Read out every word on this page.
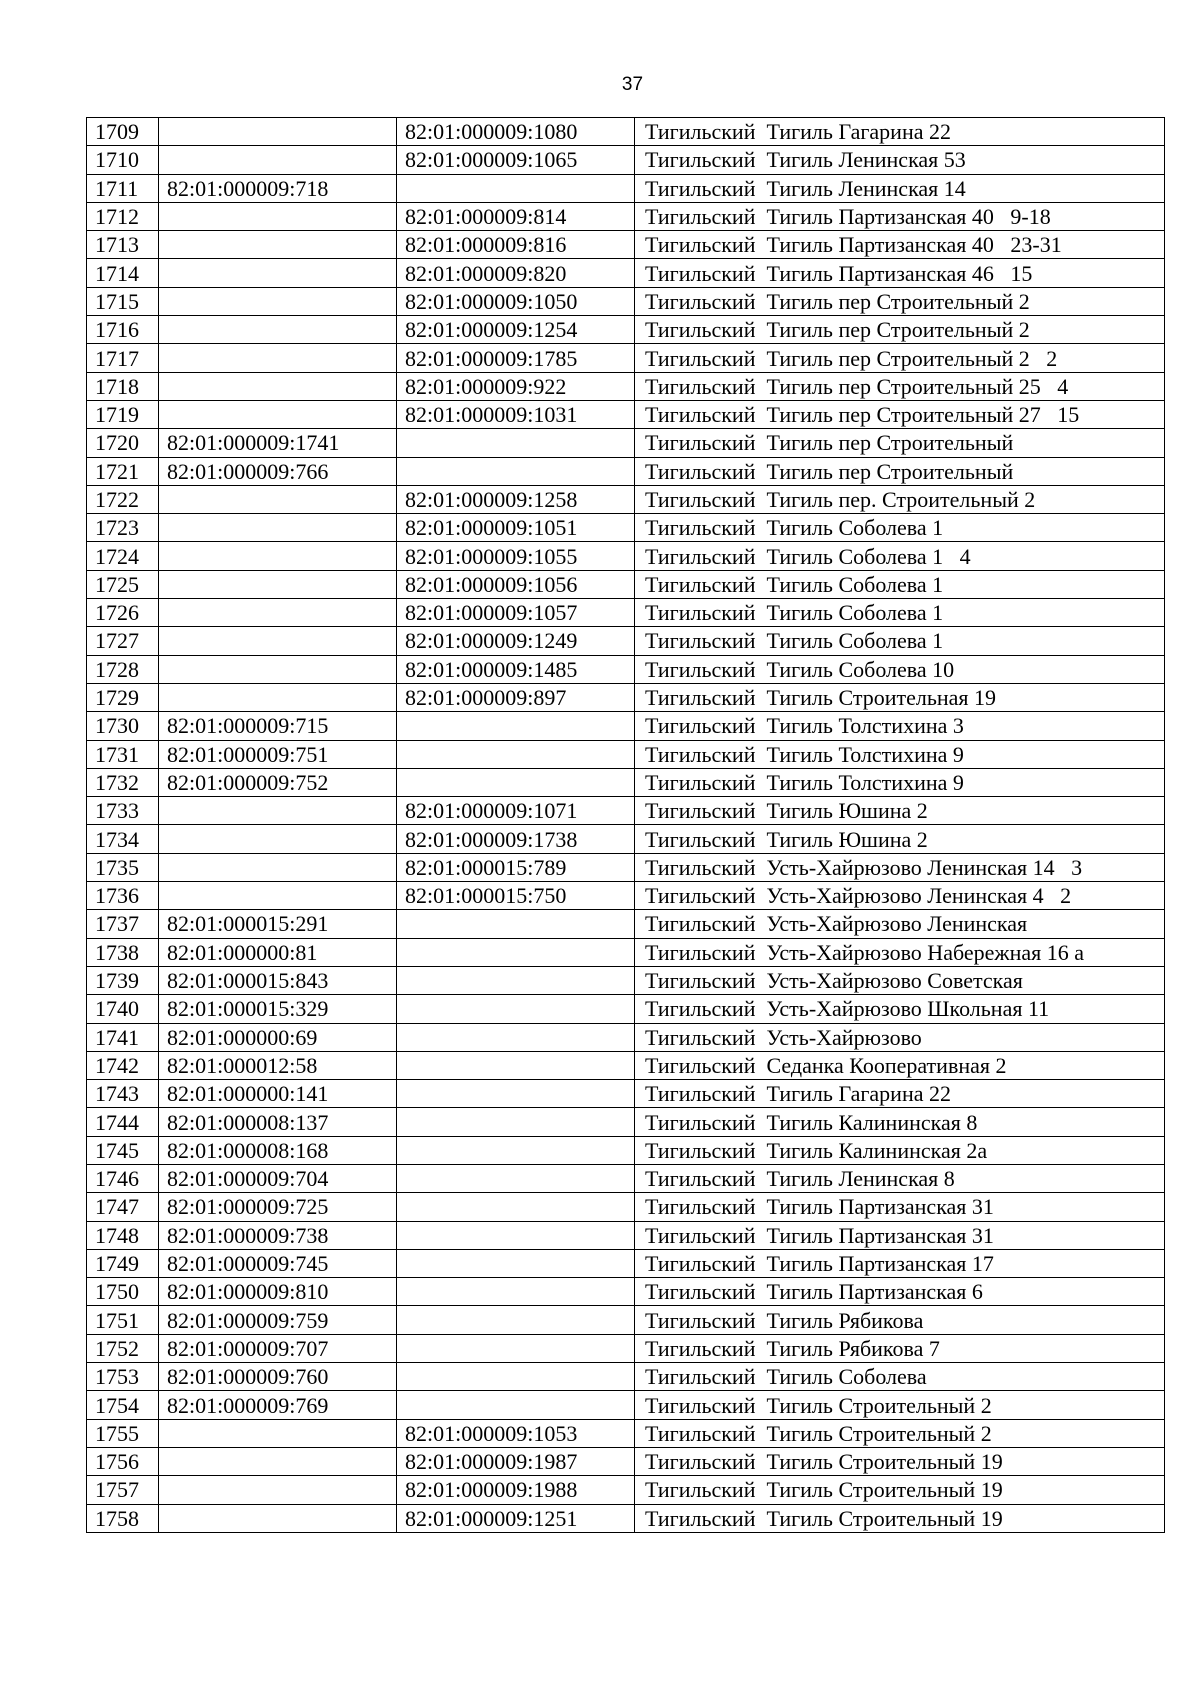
37
1709		82:01:000009:1080	Тигильский  Тигиль Гагарина 22
1710		82:01:000009:1065	Тигильский  Тигиль Ленинская 53
1711	82:01:000009:718		Тигильский  Тигиль Ленинская 14
1712		82:01:000009:814	Тигильский  Тигиль Партизанская 40   9-18
1713		82:01:000009:816	Тигильский  Тигиль Партизанская 40   23-31
1714		82:01:000009:820	Тигильский  Тигиль Партизанская 46   15
1715		82:01:000009:1050	Тигильский  Тигиль пер Строительный 2
1716		82:01:000009:1254	Тигильский  Тигиль пер Строительный 2
1717		82:01:000009:1785	Тигильский  Тигиль пер Строительный 2   2
1718		82:01:000009:922	Тигильский  Тигиль пер Строительный 25   4
1719		82:01:000009:1031	Тигильский  Тигиль пер Строительный 27   15
1720	82:01:000009:1741		Тигильский  Тигиль пер Строительный
1721	82:01:000009:766		Тигильский  Тигиль пер Строительный
1722		82:01:000009:1258	Тигильский  Тигиль пер. Строительный 2
1723		82:01:000009:1051	Тигильский  Тигиль Соболева 1
1724		82:01:000009:1055	Тигильский  Тигиль Соболева 1   4
1725		82:01:000009:1056	Тигильский  Тигиль Соболева 1
1726		82:01:000009:1057	Тигильский  Тигиль Соболева 1
1727		82:01:000009:1249	Тигильский  Тигиль Соболева 1
1728		82:01:000009:1485	Тигильский  Тигиль Соболева 10
1729		82:01:000009:897	Тигильский  Тигиль Строительная 19
1730	82:01:000009:715		Тигильский  Тигиль Толстихина 3
1731	82:01:000009:751		Тигильский  Тигиль Толстихина 9
1732	82:01:000009:752		Тигильский  Тигиль Толстихина 9
1733		82:01:000009:1071	Тигильский  Тигиль Юшина 2
1734		82:01:000009:1738	Тигильский  Тигиль Юшина 2
1735		82:01:000015:789	Тигильский  Усть-Хайрюзово Ленинская 14   3
1736		82:01:000015:750	Тигильский  Усть-Хайрюзово Ленинская 4   2
1737	82:01:000015:291		Тигильский  Усть-Хайрюзово Ленинская
1738	82:01:000000:81		Тигильский  Усть-Хайрюзово Набережная 16 а
1739	82:01:000015:843		Тигильский  Усть-Хайрюзово Советская
1740	82:01:000015:329		Тигильский  Усть-Хайрюзово Школьная 11
1741	82:01:000000:69		Тигильский  Усть-Хайрюзово
1742	82:01:000012:58		Тигильский  Седанка Кооперативная 2
1743	82:01:000000:141		Тигильский  Тигиль Гагарина 22
1744	82:01:000008:137		Тигильский  Тигиль Калининская 8
1745	82:01:000008:168		Тигильский  Тигиль Калининская 2а
1746	82:01:000009:704		Тигильский  Тигиль Ленинская 8
1747	82:01:000009:725		Тигильский  Тигиль Партизанская 31
1748	82:01:000009:738		Тигильский  Тигиль Партизанская 31
1749	82:01:000009:745		Тигильский  Тигиль Партизанская 17
1750	82:01:000009:810		Тигильский  Тигиль Партизанская 6
1751	82:01:000009:759		Тигильский  Тигиль Рябикова
1752	82:01:000009:707		Тигильский  Тигиль Рябикова 7
1753	82:01:000009:760		Тигильский  Тигиль Соболева
1754	82:01:000009:769		Тигильский  Тигиль Строительный 2
1755		82:01:000009:1053	Тигильский  Тигиль Строительный 2
1756		82:01:000009:1987	Тигильский  Тигиль Строительный 19
1757		82:01:000009:1988	Тигильский  Тигиль Строительный 19
1758		82:01:000009:1251	Тигильский  Тигиль Строительный 19
